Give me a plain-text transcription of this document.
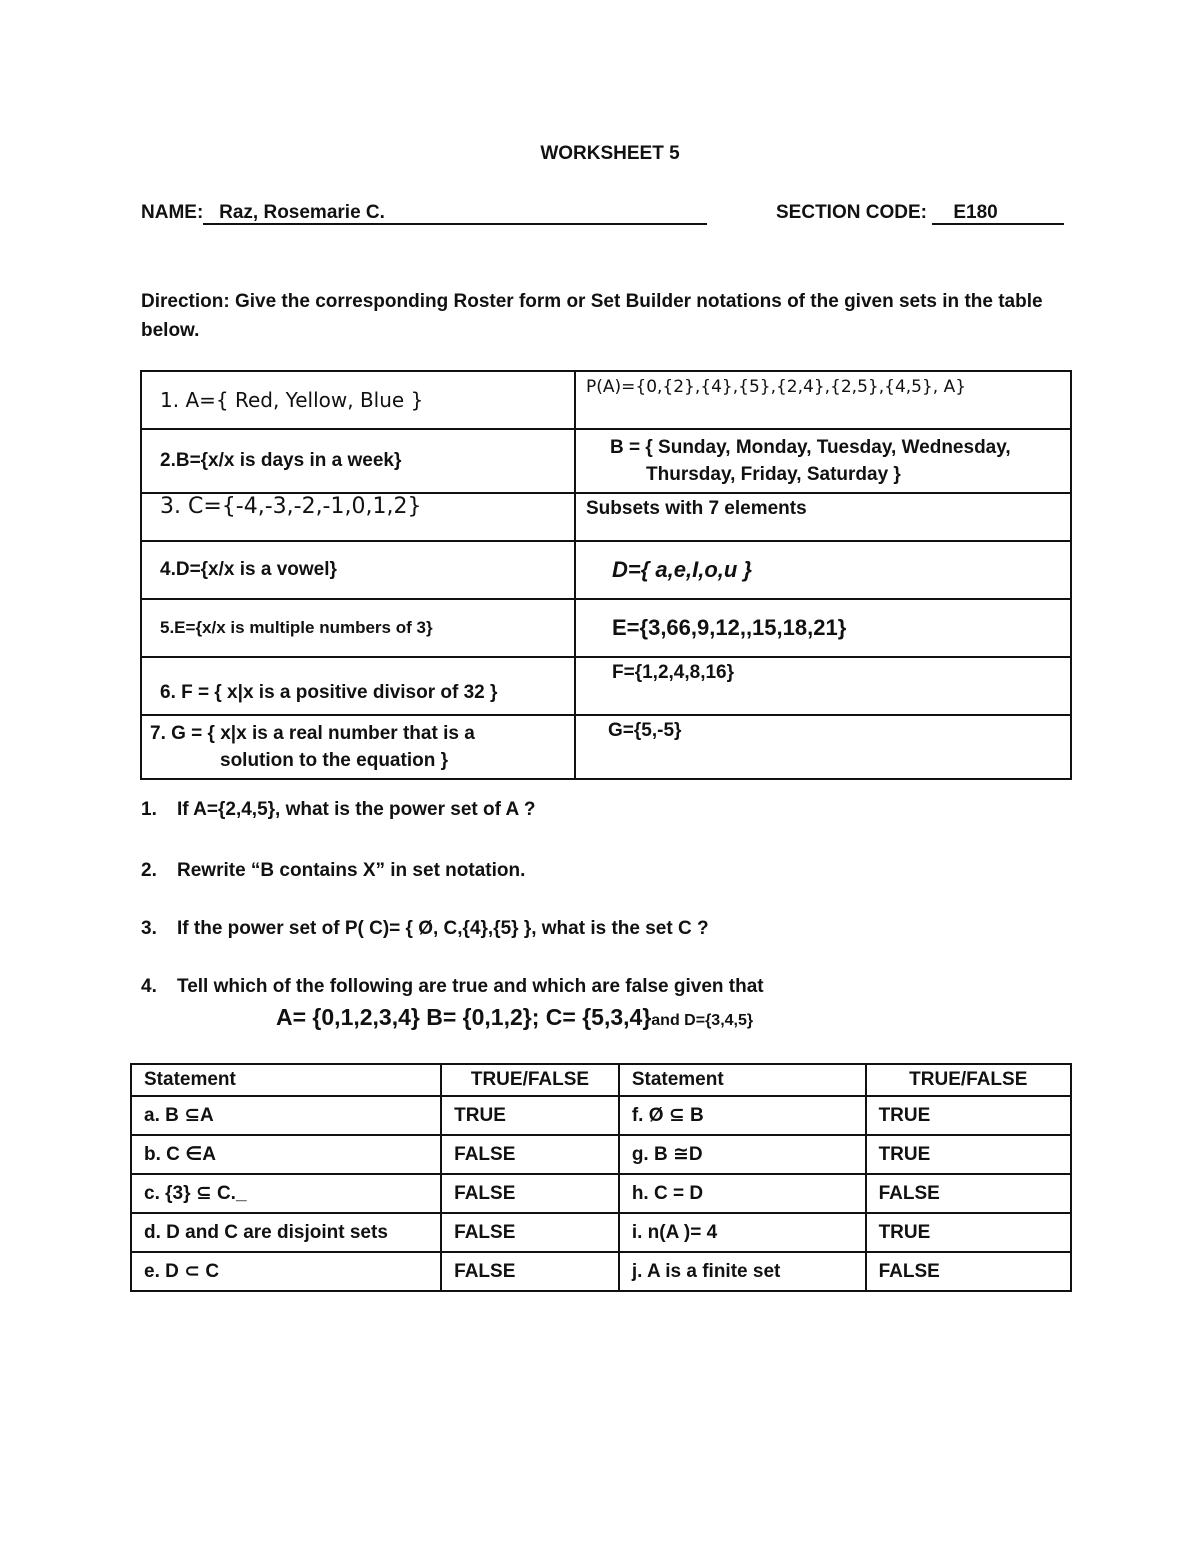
WORKSHEET 5
NAME: Raz, Rosemarie C.	SECTION CODE: E180
Direction: Give the corresponding Roster form or Set Builder notations of the given sets in the table below.
1. A={ Red, Yellow, Blue }	P(A)={0,{2},{4},{5},{2,4},{2,5},{4,5}, A}
2.B={x/x is days in a week}	B = { Sunday, Monday, Tuesday, Wednesday,
Thursday, Friday, Saturday }

3. C={-4,-3,-2,-1,0,1,2}	Subsets with 7 elements
4.D={x/x is a vowel}	D={ a,e,I,o,u }
5.E={x/x is multiple numbers of 3}	E={3,66,9,12,,15,18,21}
6. F = { x|x is a positive divisor of 32 }	F={1,2,4,8,16}

7. G = { x|x is a real number that is a
solution to the equation }	G={5,-5}
1. If A={2,4,5}, what is the power set of A ?
2. Rewrite “B contains X” in set notation.
3. If the power set of P( C)= { Ø, C,{4},{5} }, what is the set C ?
4. Tell which of the following are true and which are false given that
A= {0,1,2,3,4} B= {0,1,2}; C= {5,3,4}and D={3,4,5}
Statement	TRUE/FALSE	Statement	TRUE/FALSE
a. B ⊆A	TRUE	f. Ø ⊆ B	TRUE
b. C ∈A	FALSE	g. B ≅D	TRUE
c. {3} ⊆ C._	FALSE	h. C = D	FALSE
d. D and C are disjoint sets	FALSE	i. n(A )= 4	TRUE
e. D ⊂ C	FALSE	j. A is a finite set	FALSE
